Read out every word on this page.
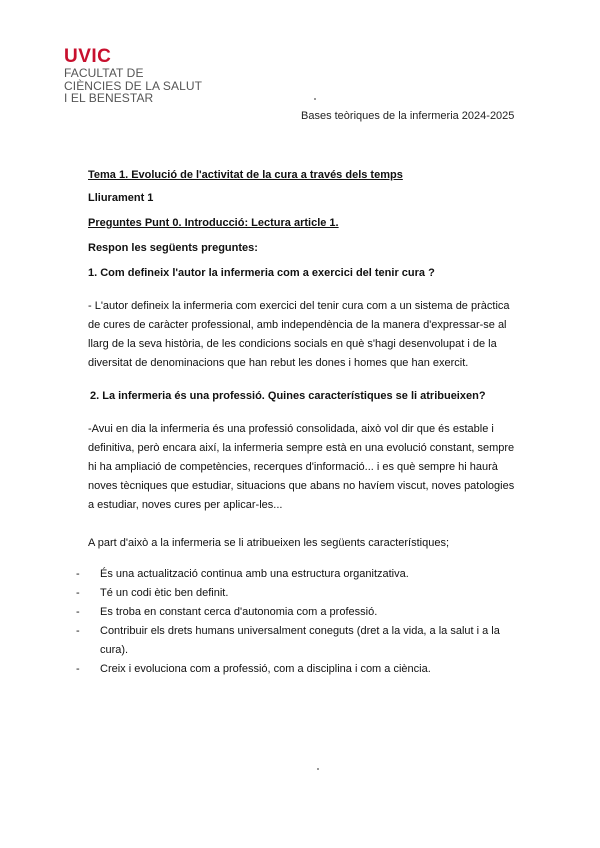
UVIC
FACULTAT DE
CIÈNCIES DE LA SALUT
I EL BENESTAR
Bases teòriques de la infermeria 2024-2025

Tema 1. Evolució de l'activitat de la cura a través dels temps

Lliurament 1

Preguntes Punt 0. Introducció: Lectura article 1.

Respon les següents preguntes:

1. Com defineix l'autor la infermeria com a exercici del tenir cura ?

- L'autor defineix la infermeria com exercici del tenir cura com a un sistema de pràctica de cures de caràcter professional, amb independència de la manera d'expressar-se al llarg de la seva història, de les condicions socials en què s'hagi desenvolupat i de la diversitat de denominacions que han rebut les dones i homes que han exercit.

2. La infermeria és una professió. Quines característiques se li atribueixen?

-Avui en dia la infermeria és una professió consolidada, això vol dir que és estable i definitiva, però encara així, la infermeria sempre està en una evolució constant, sempre hi ha ampliació de competències, recerques d'informació... i es què sempre hi haurà noves tècniques que estudiar, situacions que abans no havíem viscut, noves patologies a estudiar, noves cures per aplicar-les...

A part d'això a la infermeria se li atribueixen les següents característiques;

- És una actualització continua amb una estructura organitzativa.
- Té un codi ètic ben definit.
- Es troba en constant cerca d'autonomia com a professió.
- Contribuir els drets humans universalment coneguts (dret a la vida, a la salut i a la cura).
- Creix i evoluciona com a professió, com a disciplina i com a ciència.
